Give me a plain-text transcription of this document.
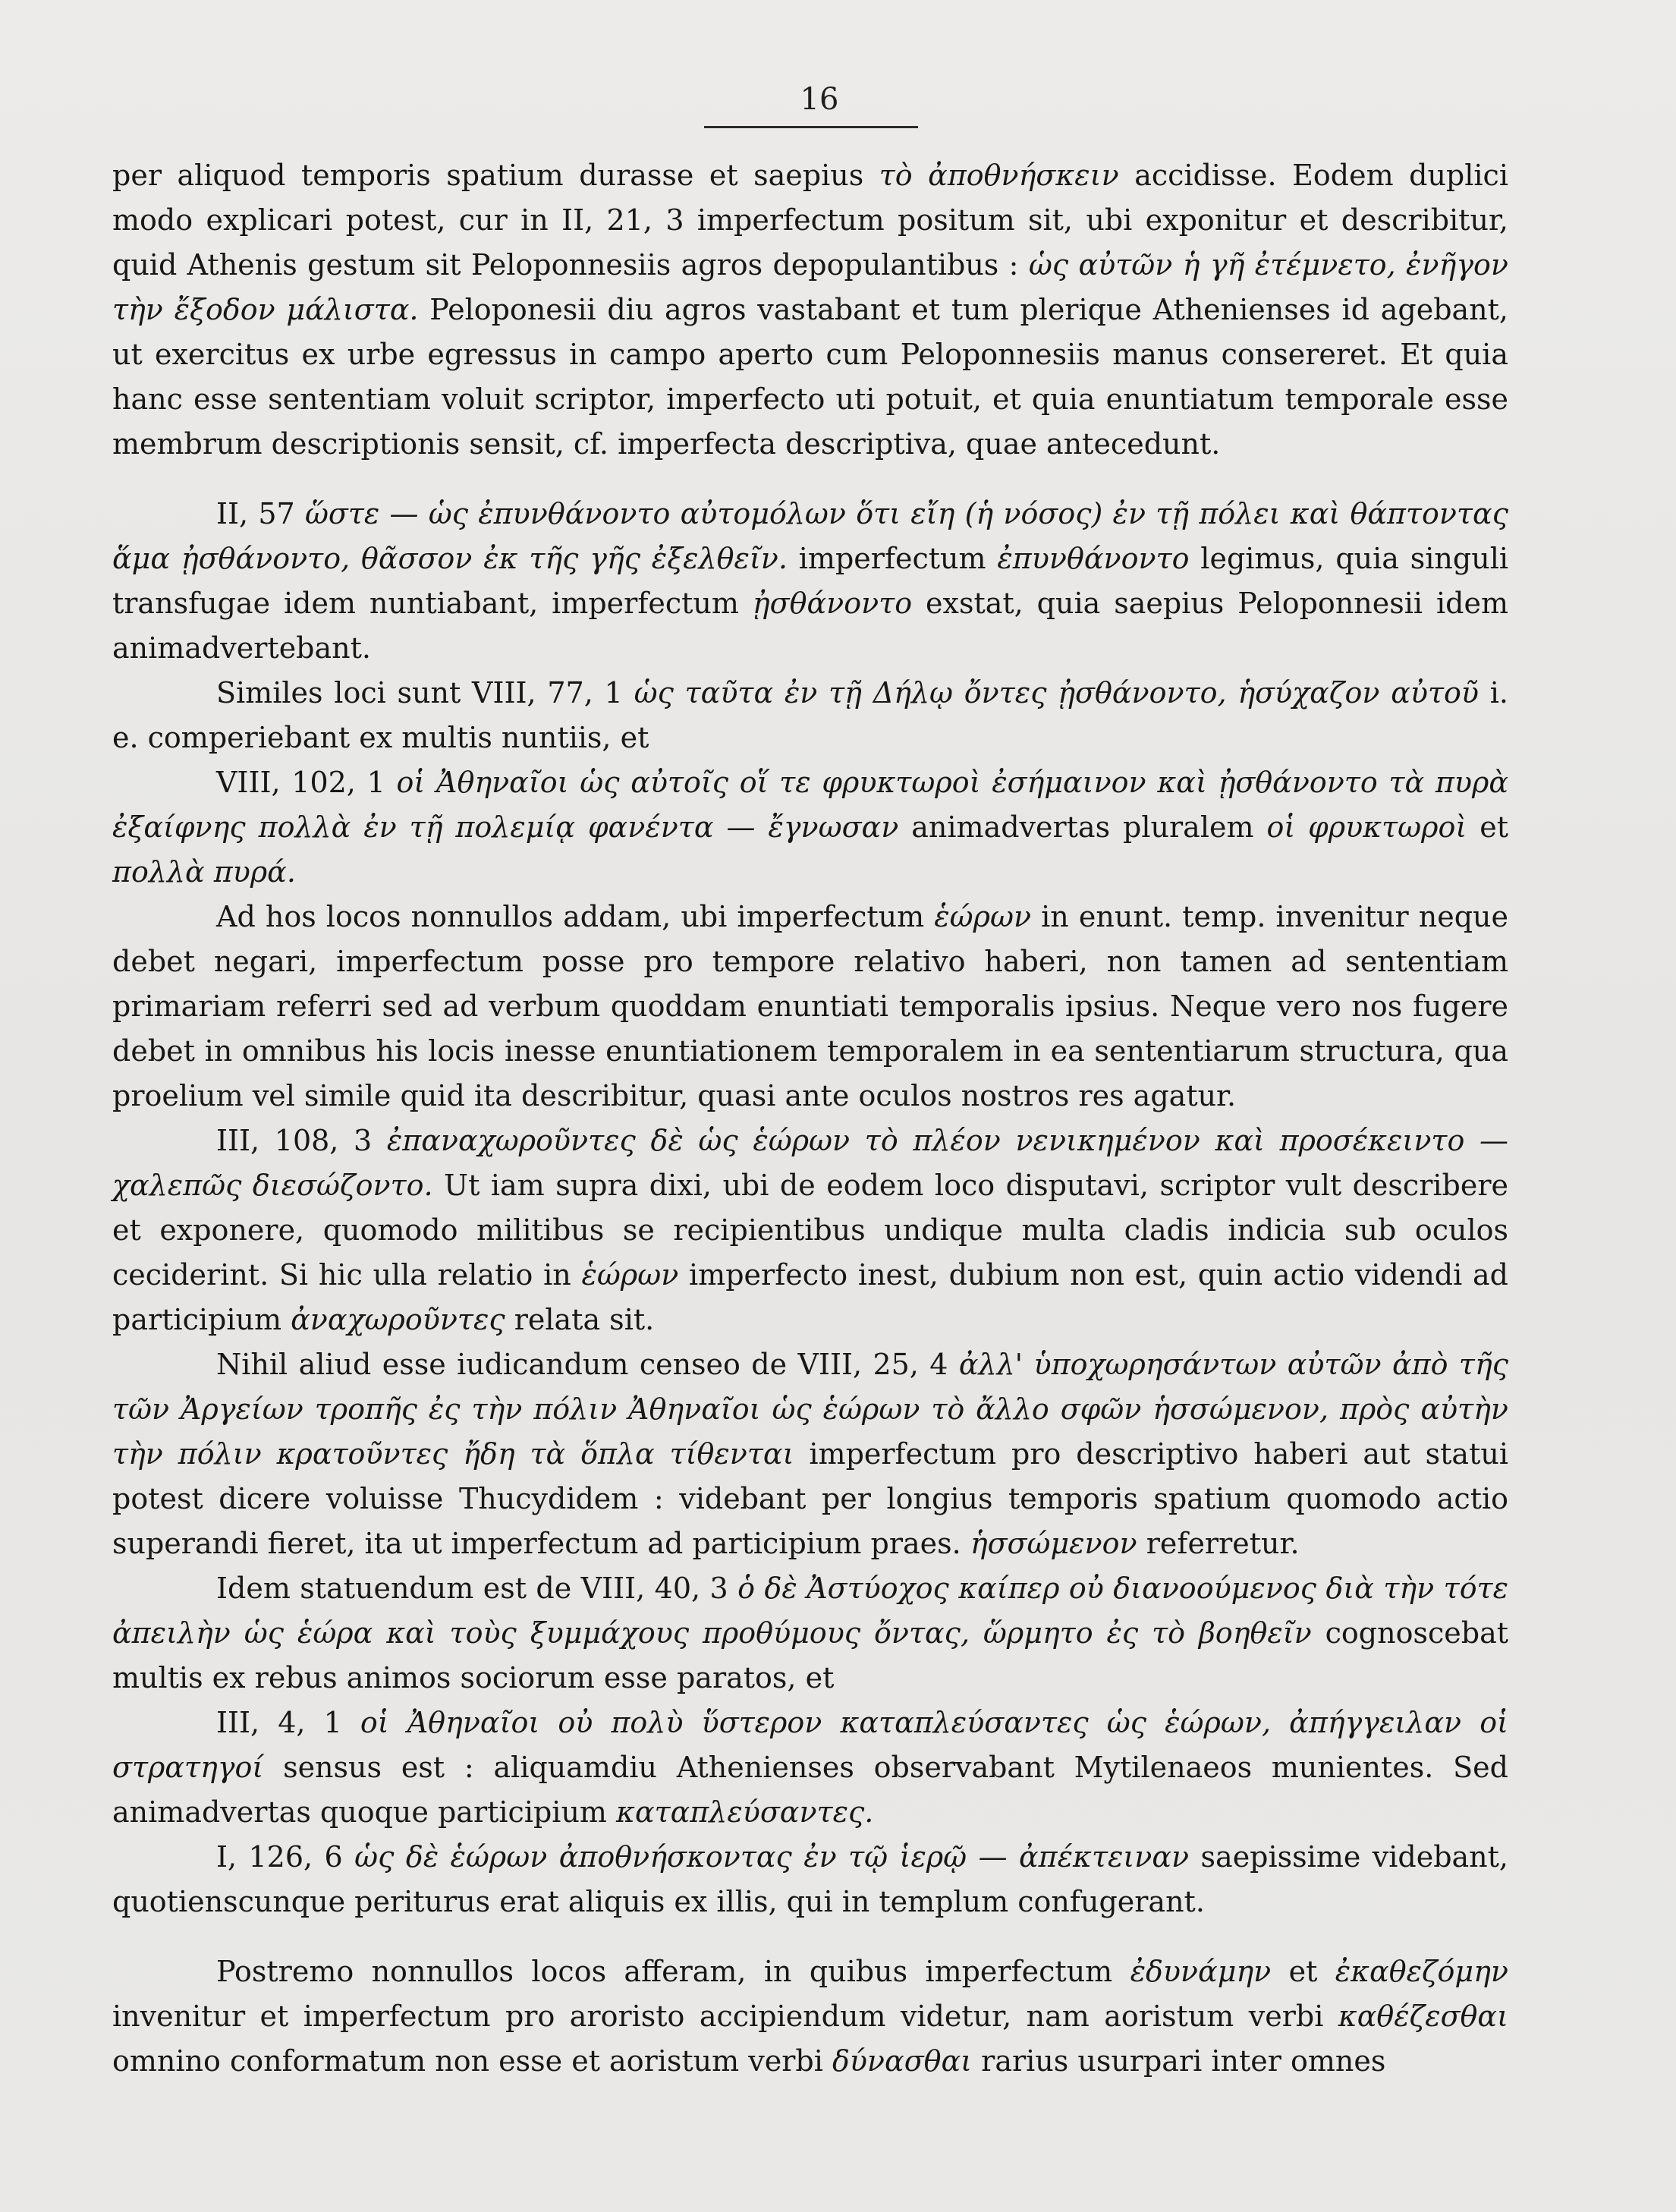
16

per aliquod temporis spatium durasse et saepius τὸ ἀποθνήσκειν accidisse. Eodem duplici modo explicari potest, cur in II, 21, 3 imperfectum positum sit, ubi exponitur et describitur, quid Athenis gestum sit Peloponnesiis agros depopulantibus : ὡς αὐτῶν ἡ γῆ ἐτέμνετο, ἐνῆγον τὴν ἔξοδον μάλιστα. Peloponesii diu agros vastabant et tum plerique Athenienses id agebant, ut exercitus ex urbe egressus in campo aperto cum Peloponnesiis manus consereret. Et quia hanc esse sententiam voluit scriptor, imperfecto uti potuit, et quia enuntiatum temporale esse membrum descriptionis sensit, cf. imperfecta descriptiva, quae antecedunt.

II, 57 ὥστε — ὡς ἐπυνθάνοντο αὐτομόλων ὅτι εἴη (ἡ νόσος) ἐν τῇ πόλει καὶ θάπτοντας ἅμα ᾐσθάνοντο, θᾶσσον ἐκ τῆς γῆς ἐξελθεῖν. imperfectum ἐπυνθάνοντο legimus, quia singuli transfugae idem nuntiabant, imperfectum ᾐσθάνοντο exstat, quia saepius Peloponnesii idem animadvertebant.

Similes loci sunt VIII, 77, 1 ὡς ταῦτα ἐν τῇ Δήλῳ ὄντες ᾐσθάνοντο, ἡσύχαζον αὐτοῦ i. e. comperiebant ex multis nuntiis, et

VIII, 102, 1 οἱ Ἀθηναῖοι ὡς αὐτοῖς οἵ τε φρυκτωροὶ ἐσήμαινον καὶ ᾐσθάνοντο τὰ πυρὰ ἐξαίφνης πολλὰ ἐν τῇ πολεμίᾳ φανέντα — ἔγνωσαν animadvertas pluralem οἱ φρυκτωροὶ et πολλὰ πυρά.

Ad hos locos nonnullos addam, ubi imperfectum ἑώρων in enunt. temp. invenitur neque debet negari, imperfectum posse pro tempore relativo haberi, non tamen ad sententiam primariam referri sed ad verbum quoddam enuntiati temporalis ipsius. Neque vero nos fugere debet in omnibus his locis inesse enuntiationem temporalem in ea sententiarum structura, qua proelium vel simile quid ita describitur, quasi ante oculos nostros res agatur.

III, 108, 3 ἐπαναχωροῦντες δὲ ὡς ἑώρων τὸ πλέον νενικημένον καὶ προσέκειντο — χαλεπῶς διεσώζοντο. Ut iam supra dixi, ubi de eodem loco disputavi, scriptor vult describere et exponere, quomodo militibus se recipientibus undique multa cladis indicia sub oculos ceciderint. Si hic ulla relatio in ἑώρων imperfecto inest, dubium non est, quin actio videndi ad participium ἀναχωροῦντες relata sit.

Nihil aliud esse iudicandum censeo de VIII, 25, 4 ἀλλ' ὑποχωρησάντων αὐτῶν ἀπὸ τῆς τῶν Ἀργείων τροπῆς ἐς τὴν πόλιν Ἀθηναῖοι ὡς ἑώρων τὸ ἄλλο σφῶν ἡσσώμενον, πρὸς αὐτὴν τὴν πόλιν κρατοῦντες ἤδη τὰ ὅπλα τίθενται imperfectum pro descriptivo haberi aut statui potest dicere voluisse Thucydidem : videbant per longius temporis spatium quomodo actio superandi fieret, ita ut imperfectum ad participium praes. ἡσσώμενον referretur.

Idem statuendum est de VIII, 40, 3 ὁ δὲ Ἀστύοχος καίπερ οὐ διανοούμενος διὰ τὴν τότε ἀπειλὴν ὡς ἑώρα καὶ τοὺς ξυμμάχους προθύμους ὄντας, ὥρμητο ἐς τὸ βοηθεῖν cognoscebat multis ex rebus animos sociorum esse paratos, et

III, 4, 1 οἱ Ἀθηναῖοι οὐ πολὺ ὕστερον καταπλεύσαντες ὡς ἑώρων, ἀπήγγειλαν οἱ στρατηγοί sensus est : aliquamdiu Athenienses observabant Mytilenaeos munientes. Sed animadvertas quoque participium καταπλεύσαντες.

I, 126, 6 ὡς δὲ ἑώρων ἀποθνήσκοντας ἐν τῷ ἱερῷ — ἀπέκτειναν saepissime videbant, quotienscunque periturus erat aliquis ex illis, qui in templum confugerant.

Postremo nonnullos locos afferam, in quibus imperfectum ἐδυνάμην et ἐκαθεζόμην invenitur et imperfectum pro aroristo accipiendum videtur, nam aoristum verbi καθέζεσθαι omnino conformatum non esse et aoristum verbi δύνασθαι rarius usurpari inter omnes
